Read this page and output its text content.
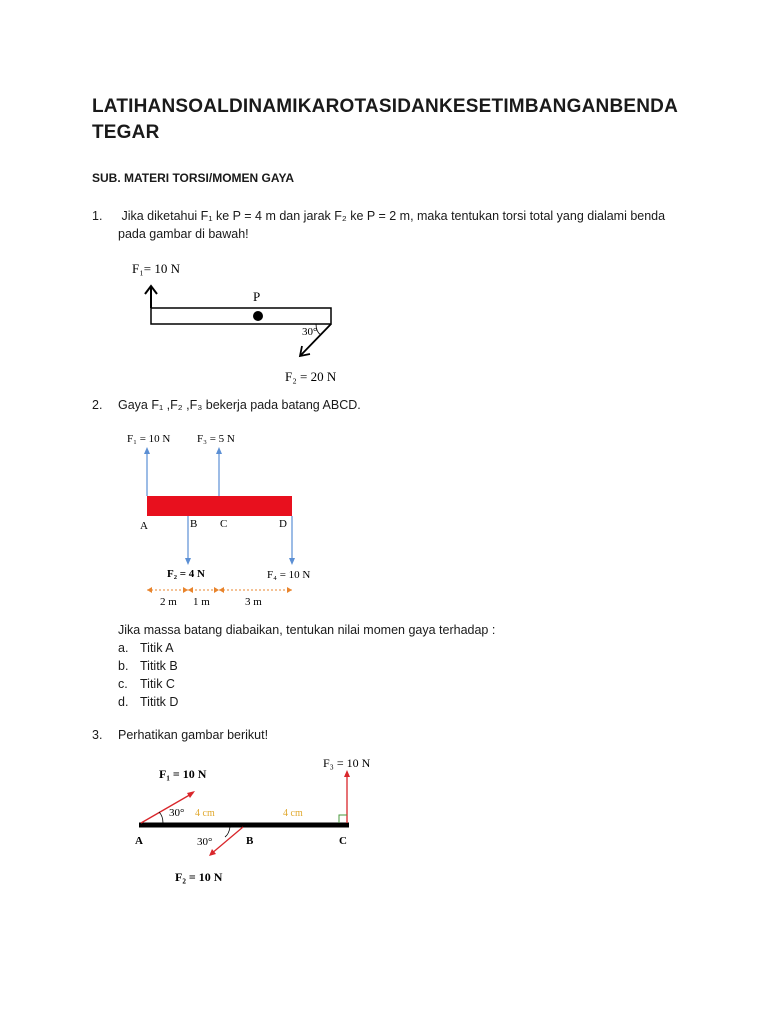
LATIHAN SOAL DINAMIKA ROTASI DAN KESETIMBANGAN BENDA
TEGAR
SUB. MATERI TORSI/MOMEN GAYA
1. Jika diketahui F₁ ke P = 4 m dan jarak F₂ ke P = 2 m, maka tentukan torsi total yang dialami benda
pada gambar di bawah!
F₁= 10 N
P
30°
F₂ = 20 N
2. Gaya F₁ ,F₂ ,F₃ bekerja pada batang ABCD.
F₁ = 10 N F₃ = 5 N
A	B C	D
F₂ = 4 N	F₄ = 10 N
2 m 1 m	3 m
Jika massa batang diabaikan, tentukan nilai momen gaya terhadap :
a. Titik A
b. Tititk B
c. Titik C
d. Tititk D
3. Perhatikan gambar berikut!
F₁ = 10 N
F₃ = 10 N
30° 4 cm	4 cm
30°
A	B	C
F₂ = 10 N
